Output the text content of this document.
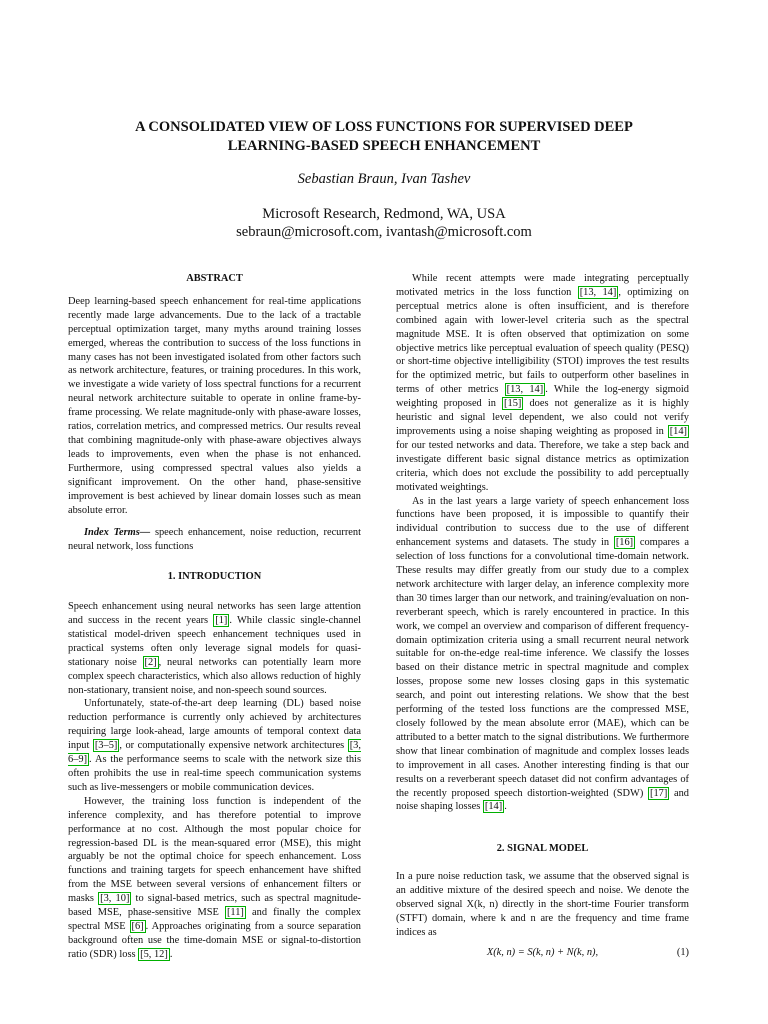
A CONSOLIDATED VIEW OF LOSS FUNCTIONS FOR SUPERVISED DEEP
LEARNING-BASED SPEECH ENHANCEMENT
Sebastian Braun, Ivan Tashev
Microsoft Research, Redmond, WA, USA
sebraun@microsoft.com, ivantash@microsoft.com

ABSTRACT

Deep learning-based speech enhancement for real-time applications recently made large advancements. Due to the lack of a tractable perceptual optimization target, many myths around training losses emerged, whereas the contribution to success of the loss functions in many cases has not been investigated isolated from other factors such as network architecture, features, or training procedures. In this work, we investigate a wide variety of loss spectral functions for a recurrent neural network architecture suitable to operate in online frame-by-frame processing. We relate magnitude-only with phase-aware losses, ratios, correlation metrics, and compressed metrics. Our results reveal that combining magnitude-only with phase-aware objectives always leads to improvements, even when the phase is not enhanced. Furthermore, using compressed spectral values also yields a significant improvement. On the other hand, phase-sensitive improvement is best achieved by linear domain losses such as mean absolute error.

Index Terms— speech enhancement, noise reduction, recurrent neural network, loss functions

1. INTRODUCTION

Speech enhancement using neural networks has seen large attention and success in the recent years [1] . While classic single-channel statistical model-driven speech enhancement techniques used in practical systems often only leverage signal models for quasi-stationary noise [2] , neural networks can potentially learn more complex speech characteristics, which also allows reduction of highly non-stationary, transient noise, and non-speech sound sources.

Unfortunately, state-of-the-art deep learning (DL) based noise reduction performance is currently only achieved by architectures requiring large look-ahead, large amounts of temporal context data input [3–5] , or computationally expensive network architectures [3, 6–9] . As the performance seems to scale with the network size this often prohibits the use in real-time speech communication systems such as live-messengers or mobile communication devices.

However, the training loss function is independent of the inference complexity, and has therefore potential to improve performance at no cost. Although the most popular choice for regression-based DL is the mean-squared error (MSE), this might arguably be not the optimal choice for speech enhancement. Loss functions and training targets for speech enhancement have shifted from the MSE between several versions of enhancement filters or masks [3, 10] to signal-based metrics, such as spectral magnitude-based MSE, phase-sensitive MSE [11] and finally the complex spectral MSE [6] . Approaches originating from a source separation background often use the time-domain MSE or signal-to-distortion ratio (SDR) loss [5, 12] .

While recent attempts were made integrating perceptually motivated metrics in the loss function [13, 14] , optimizing on perceptual metrics alone is often insufficient, and is therefore combined again with lower-level criteria such as the spectral magnitude MSE. It is often observed that optimization on some objective metrics like perceptual evaluation of speech quality (PESQ) or short-time objective intelligibility (STOI) improves the test results for the optimized metric, but fails to outperform other baselines in terms of other metrics [13, 14] . While the log-energy sigmoid weighting proposed in [15] does not generalize as it is highly heuristic and signal level dependent, we also could not verify improvements using a noise shaping weighting as proposed in [14] for our tested networks and data. Therefore, we take a step back and investigate different basic signal distance metrics as optimization criteria, which does not exclude the possibility to add perceptually motivated weightings.

As in the last years a large variety of speech enhancement loss functions have been proposed, it is impossible to quantify their individual contribution to success due to the use of different enhancement systems and datasets. The study in [16] compares a selection of loss functions for a convolutional time-domain network. These results may differ greatly from our study due to a complex network architecture with larger delay, an inference complexity more than 30 times larger than our network, and training/evaluation on non-reverberant speech, which is rarely encountered in practice. In this work, we compel an overview and comparison of different frequency-domain optimization criteria using a small recurrent neural network suitable for on-the-edge real-time inference. We classify the losses based on their distance metric in spectral magnitude and complex losses, propose some new losses closing gaps in this systematic search, and point out interesting relations. We show that the best performing of the tested loss functions are the compressed MSE, closely followed by the mean absolute error (MAE), which can be attributed to a better match to the signal distributions. We furthermore show that linear combination of magnitude and complex losses leads to improvement in all cases. Another interesting finding is that our results on a reverberant speech dataset did not confirm advantages of the recently proposed speech distortion-weighted (SDW) [17] and noise shaping losses [14] .

2. SIGNAL MODEL

In a pure noise reduction task, we assume that the observed signal is an additive mixture of the desired speech and noise. We denote the observed signal X(k, n) directly in the short-time Fourier transform (STFT) domain, where k and n are the frequency and time frame indices as

X(k, n) = S(k, n) + N(k, n),	(1)
